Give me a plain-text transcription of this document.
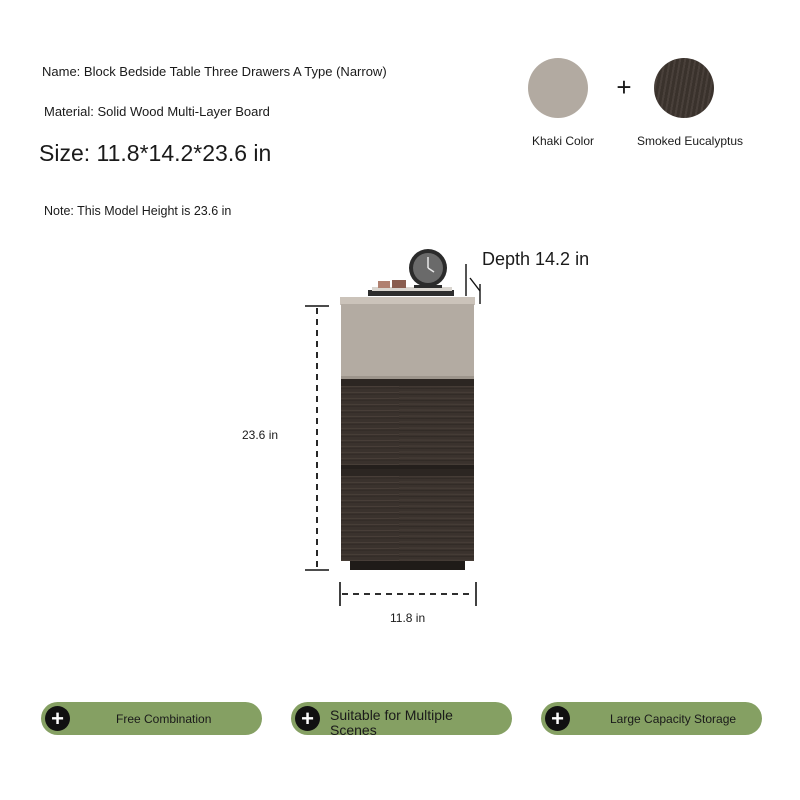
Name: Block Bedside Table Three Drawers A Type (Narrow)
Material: Solid Wood Multi-Layer Board
Size: 11.8*14.2*23.6 in
Note: This Model Height is 23.6 in
+
Khaki Color	Smoked Eucalyptus
Depth 14.2 in
23.6 in
11.8 in
+	Free Combination	+	Suitable for Multiple Scenes	+	Large Capacity Storage
